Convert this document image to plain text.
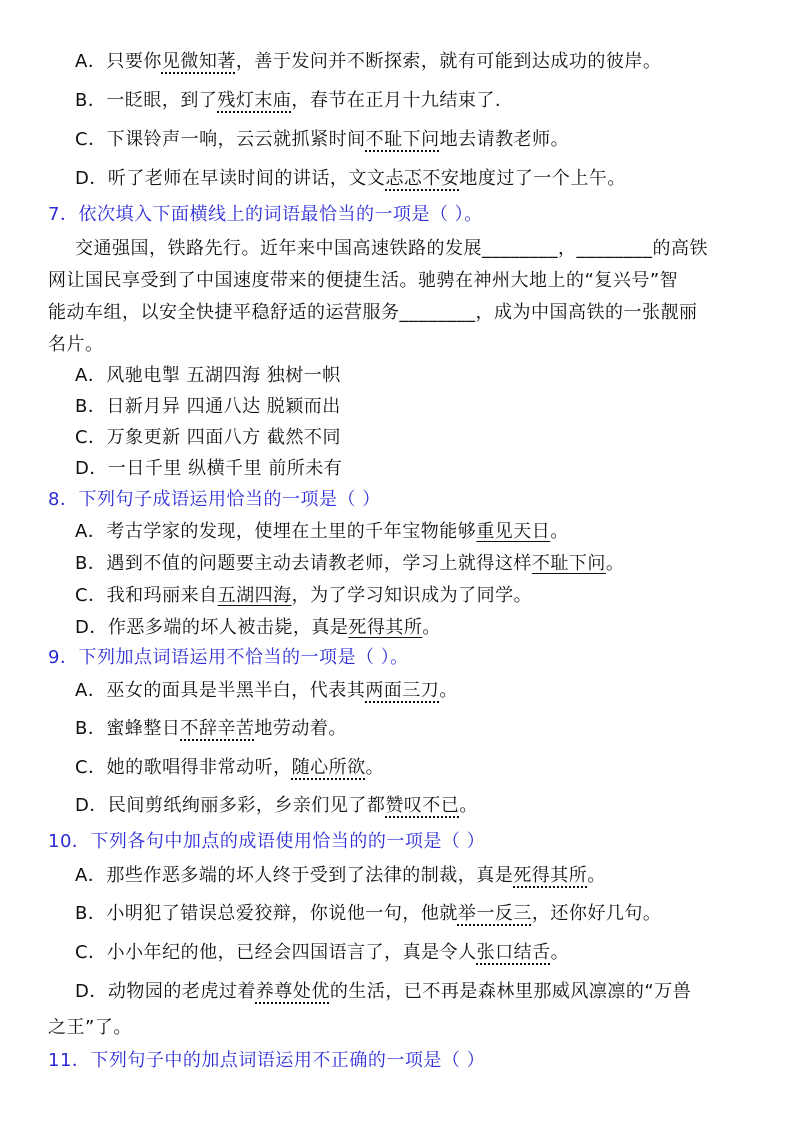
A．只要你见微知著，善于发问并不断探索，就有可能到达成功的彼岸。
B．一眨眼，到了残灯末庙，春节在正月十九结束了.
C．下课铃声一响，云云就抓紧时间不耻下问地去请教老师。
D．听了老师在早读时间的讲话，文文忐忑不安地度过了一个上午。
7．依次填入下面横线上的词语最恰当的一项是（ ）。
交通强国，铁路先行。近年来中国高速铁路的发展________，________的高铁
网让国民享受到了中国速度带来的便捷生活。驰骋在神州大地上的“复兴号”智
能动车组，以安全快捷平稳舒适的运营服务________，成为中国高铁的一张靓丽
名片。
A．风驰电掣 五湖四海 独树一帜
B．日新月异 四通八达 脱颖而出
C．万象更新 四面八方 截然不同
D．一日千里 纵横千里 前所未有
8．下列句子成语运用恰当的一项是（ ）
A．考古学家的发现，使埋在土里的千年宝物能够重见天日。
B．遇到不值的问题要主动去请教老师，学习上就得这样不耻下问。
C．我和玛丽来自五湖四海，为了学习知识成为了同学。
D．作恶多端的坏人被击毙，真是死得其所。
9．下列加点词语运用不恰当的一项是（ ）。
A．巫女的面具是半黑半白，代表其两面三刀。
B．蜜蜂整日不辞辛苦地劳动着。
C．她的歌唱得非常动听，随心所欲。
D．民间剪纸绚丽多彩，乡亲们见了都赞叹不已。
10．下列各句中加点的成语使用恰当的的一项是（ ）
A．那些作恶多端的坏人终于受到了法律的制裁，真是死得其所。
B．小明犯了错误总爱狡辩，你说他一句，他就举一反三，还你好几句。
C．小小年纪的他，已经会四国语言了，真是令人张口结舌。
D．动物园的老虎过着养尊处优的生活，已不再是森林里那威风凛凛的“万兽
之王”了。
11．下列句子中的加点词语运用不正确的一项是（ ）
